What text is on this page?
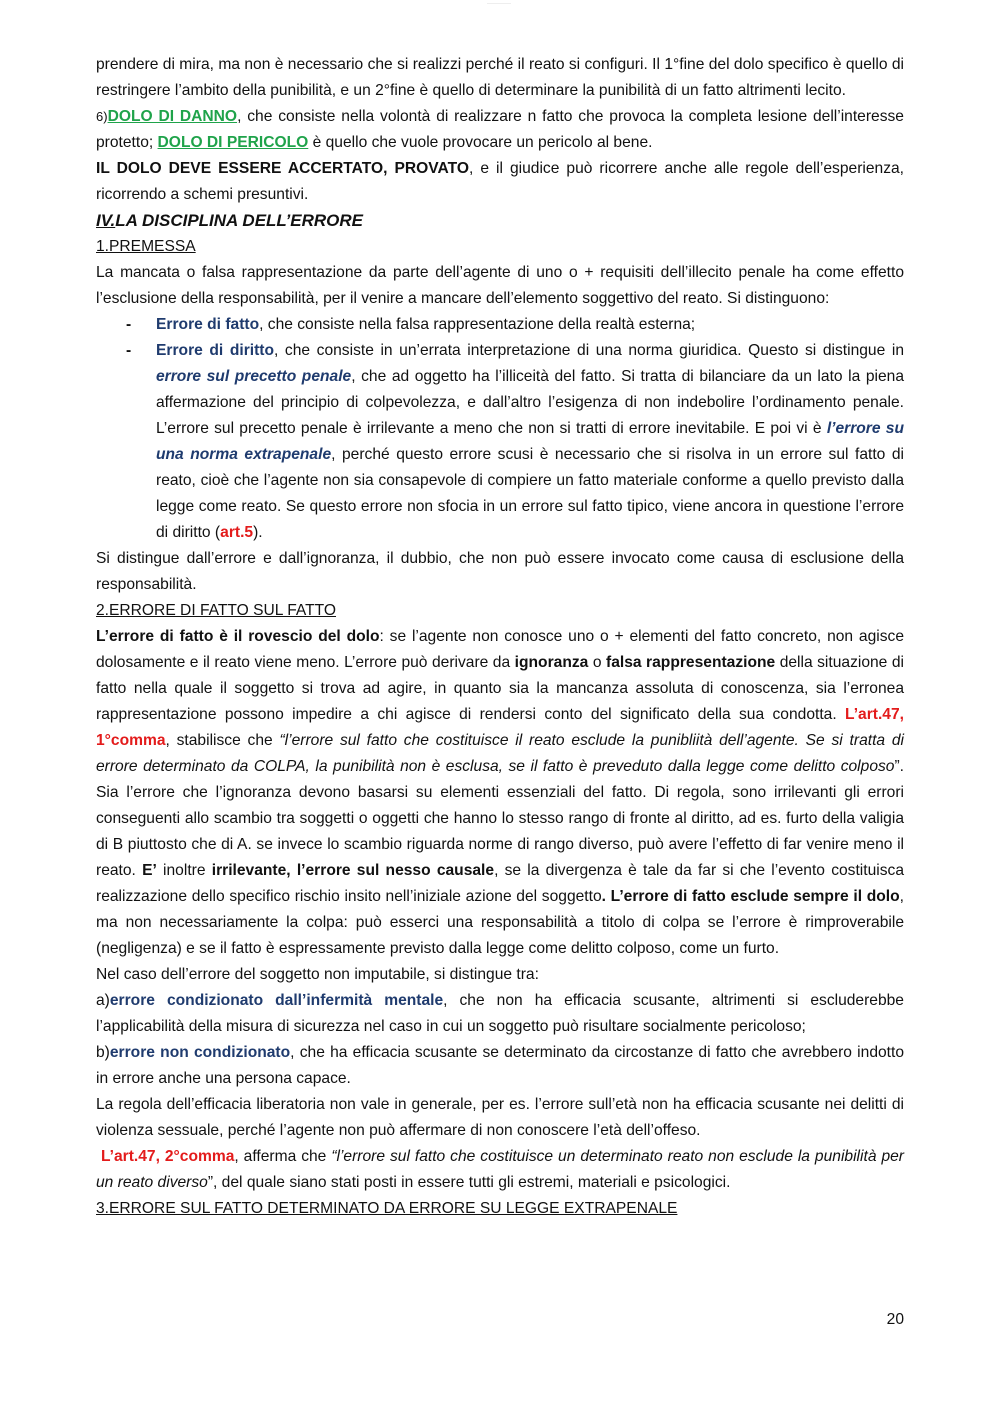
——————

prendere di mira, ma non è necessario che si realizzi perché il reato si configuri. Il 1°fine del dolo specifico è quello di restringere l’ambito della punibilità, e un 2°fine è quello di determinare la punibilità di un fatto altrimenti lecito.

6)DOLO DI DANNO, che consiste nella volontà di realizzare n fatto che provoca la completa lesione dell’interesse protetto; DOLO DI PERICOLO è quello che vuole provocare un pericolo al bene.

IL DOLO DEVE ESSERE ACCERTATO, PROVATO, e il giudice può ricorrere anche alle regole dell’esperienza, ricorrendo a schemi presuntivi.

IV.LA DISCIPLINA DELL’ERRORE

1.PREMESSA

La mancata o falsa rappresentazione da parte dell’agente di uno o + requisiti dell’illecito penale ha come effetto l’esclusione della responsabilità, per il venire a mancare dell’elemento soggettivo del reato. Si distinguono:

- Errore di fatto, che consiste nella falsa rappresentazione della realtà esterna;

- Errore di diritto, che consiste in un’errata interpretazione di una norma giuridica. Questo si distingue in errore sul precetto penale, che ad oggetto ha l’illiceità del fatto. Si tratta di bilanciare da un lato la piena affermazione del principio di colpevolezza, e dall’altro l’esigenza di non indebolire l’ordinamento penale. L’errore sul precetto penale è irrilevante a meno che non si tratti di errore inevitabile. E poi vi è l’errore su una norma extrapenale, perché questo errore scusi è necessario che si risolva in un errore sul fatto di reato, cioè che l’agente non sia consapevole di compiere un fatto materiale conforme a quello previsto dalla legge come reato. Se questo errore non sfocia in un errore sul fatto tipico, viene ancora in questione l’errore di diritto (art.5).

Si distingue dall’errore e dall’ignoranza, il dubbio, che non può essere invocato come causa di esclusione della responsabilità.

2.ERRORE DI FATTO SUL FATTO

L’errore di fatto è il rovescio del dolo: se l’agente non conosce uno o + elementi del fatto concreto, non agisce dolosamente e il reato viene meno. L’errore può derivare da ignoranza o falsa rappresentazione della situazione di fatto nella quale il soggetto si trova ad agire, in quanto sia la mancanza assoluta di conoscenza, sia l’erronea rappresentazione possono impedire a chi agisce di rendersi conto del significato della sua condotta. L’art.47, 1°comma, stabilisce che “l’errore sul fatto che costituisce il reato esclude la punibliità dell’agente. Se si tratta di errore determinato da COLPA, la punibilità non è esclusa, se il fatto è preveduto dalla legge come delitto colposo”. Sia l’errore che l’ignoranza devono basarsi su elementi essenziali del fatto. Di regola, sono irrilevanti gli errori conseguenti allo scambio tra soggetti o oggetti che hanno lo stesso rango di fronte al diritto, ad es. furto della valigia di B piuttosto che di A. se invece lo scambio riguarda norme di rango diverso, può avere l’effetto di far venire meno il reato. E’ inoltre irrilevante, l’errore sul nesso causale, se la divergenza è tale da far si che l’evento costituisca realizzazione dello specifico rischio insito nell’iniziale azione del soggetto. L’errore di fatto esclude sempre il dolo, ma non necessariamente la colpa: può esserci una responsabilità a titolo di colpa se l’errore è rimproverabile (negligenza) e se il fatto è espressamente previsto dalla legge come delitto colposo, come un furto.

Nel caso dell’errore del soggetto non imputabile, si distingue tra:

a)errore condizionato dall’infermità mentale, che non ha efficacia scusante, altrimenti si escluderebbe l’applicabilità della misura di sicurezza nel caso in cui un soggetto può risultare socialmente pericoloso;

b)errore non condizionato, che ha efficacia scusante se determinato da circostanze di fatto che avrebbero indotto in errore anche una persona capace.

La regola dell’efficacia liberatoria non vale in generale, per es. l’errore sull’età non ha efficacia scusante nei delitti di violenza sessuale, perché l’agente non può affermare di non conoscere l’età dell’offeso.

L’art.47, 2°comma, afferma che “l’errore sul fatto che costituisce un determinato reato non esclude la punibilità per un reato diverso”, del quale siano stati posti in essere tutti gli estremi, materiali e psicologici.

3.ERRORE SUL FATTO DETERMINATO DA ERRORE SU LEGGE EXTRAPENALE

20
